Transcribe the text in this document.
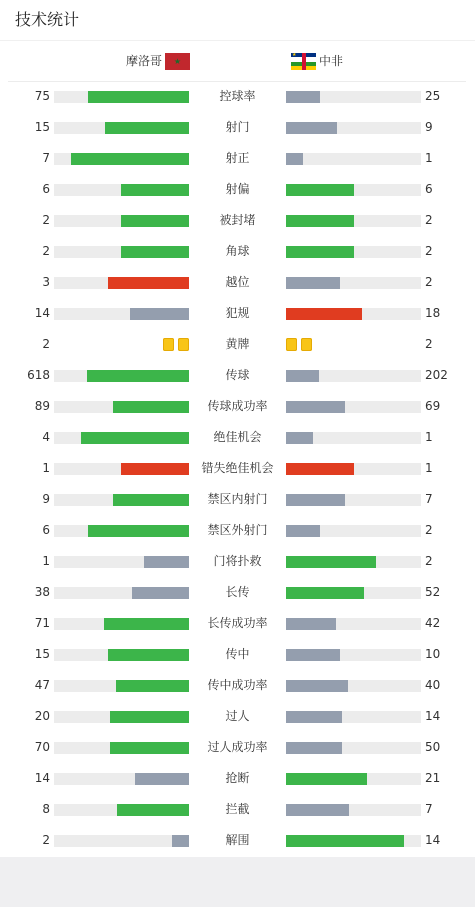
技术统计
摩洛哥	★
★ 中非
75	控球率	25
15	射门	9
7	射正	1
6	射偏	6
2	被封堵	2
2	角球	2
3	越位	2
14	犯规	18
2	黄牌	2
618	传球	202
89	传球成功率	69
4	绝佳机会	1
1	错失绝佳机会	1
9	禁区内射门	7
6	禁区外射门	2
1	门将扑救	2
38	长传	52
71	长传成功率	42
15	传中	10
47	传中成功率	40
20	过人	14
70	过人成功率	50
14	抢断	21
8	拦截	7
2	解围	14
